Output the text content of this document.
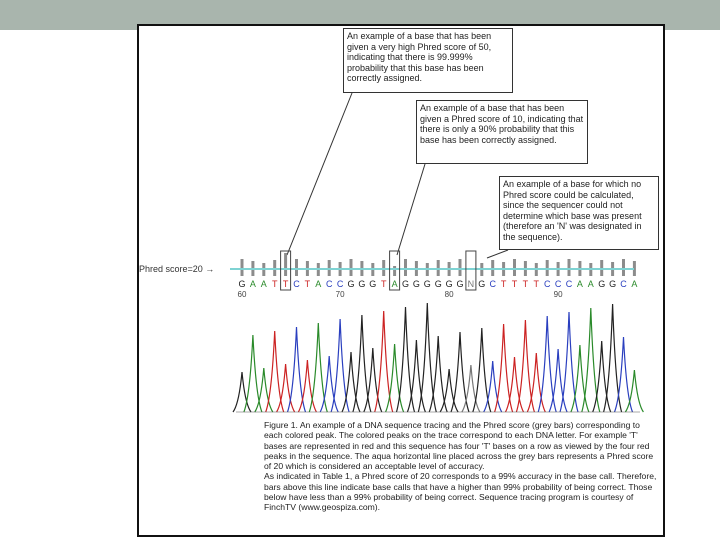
An example of a base that has been given a very high Phred score of 50, indicating that there is 99.999% probability that this base has been correctly assigned.
An example of a base that has been given a Phred score of 10, indicating that there is only a 90% probability that this base has been correctly assigned.
An example of a base for which no Phred score could be calculated, since the sequencer could not determine which base was present (therefore an 'N' was designated in the sequence).
Phred score=20 →
G A A T T C T A C C G G G T A G G G G G G N G C T T T T C C C A A G G C A
60	70	80	90

Figure 1. An example of a DNA sequence tracing and the Phred score (grey bars) corresponding to each colored peak. The colored peaks on the trace correspond to each DNA letter. For example 'T' bases are represented in red and this sequence has four 'T' bases on a row as viewed by the four red peaks in the sequence. The aqua horizontal line placed across the grey bars represents a Phred score of 20 which is considered an acceptable level of accuracy.

As indicated in Table 1, a Phred score of 20 corresponds to a 99% accuracy in the base call. Therefore, bars above this line indicate base calls that have a higher than 99% probability of being correct. Those below have less than a 99% probability of being correct. Sequence tracing program is courtesy of FinchTV (www.geospiza.com).
